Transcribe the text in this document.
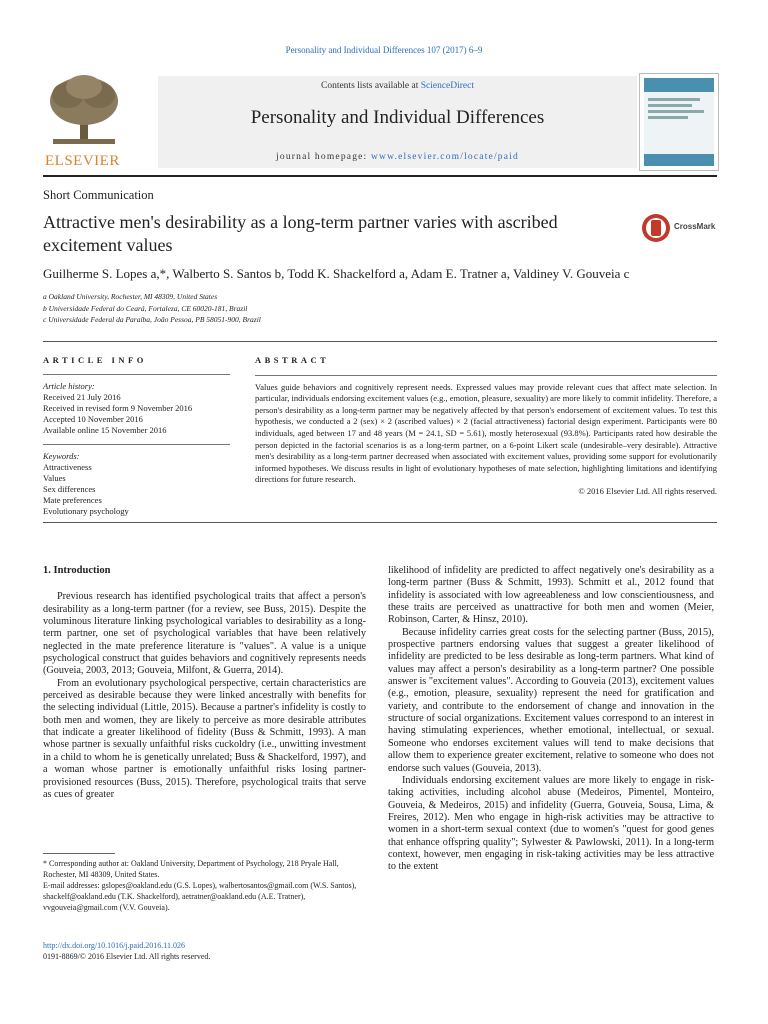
Personality and Individual Differences 107 (2017) 6–9
ELSEVIER
Contents lists available at ScienceDirect
Personality and Individual Differences
journal homepage: www.elsevier.com/locate/paid
Short Communication
Attractive men's desirability as a long-term partner varies with ascribed excitement values
CrossMark
Guilherme S. Lopes a,*, Walberto S. Santos b, Todd K. Shackelford a, Adam E. Tratner a, Valdiney V. Gouveia c
a Oakland University, Rochester, MI 48309, United States
b Universidade Federal do Ceará, Fortaleza, CE 60020-181, Brazil
c Universidade Federal da Paraíba, João Pessoa, PB 58051-900, Brazil
ARTICLE INFO
Article history:
Received 21 July 2016
Received in revised form 9 November 2016
Accepted 10 November 2016
Available online 15 November 2016
Keywords:
Attractiveness
Values
Sex differences
Mate preferences
Evolutionary psychology
ABSTRACT
Values guide behaviors and cognitively represent needs. Expressed values may provide relevant cues that affect mate selection. In particular, individuals endorsing excitement values (e.g., emotion, pleasure, sexuality) are more likely to commit infidelity. Therefore, a person's desirability as a long-term partner may be negatively affected by that person's endorsement of excitement values. To test this hypothesis, we conducted a 2 (sex) × 2 (ascribed values) × 2 (facial attractiveness) factorial design experiment. Participants were 80 individuals, aged between 17 and 48 years (M = 24.1, SD = 5.61), mostly heterosexual (93.8%). Participants rated how desirable the person depicted in the factorial scenarios is as a long-term partner, on a 6-point Likert scale (undesirable–very desirable). Attractive men's desirability as a long-term partner decreased when associated with excitement values, providing some support for evolutionarily informed hypotheses. We discuss results in light of evolutionary hypotheses of mate selection, highlighting limitations and identifying directions for future research.
© 2016 Elsevier Ltd. All rights reserved.
1. Introduction

Previous research has identified psychological traits that affect a person's desirability as a long-term partner (for a review, see Buss, 2015). Despite the voluminous literature linking psychological variables to desirability as a long-term partner, one set of psychological variables that have been relatively neglected in the mate preference literature is "values". A value is a unique psychological construct that guides behaviors and cognitively represents needs (Gouveia, 2003, 2013; Gouveia, Milfont, & Guerra, 2014).

From an evolutionary psychological perspective, certain characteristics are perceived as desirable because they were linked ancestrally with benefits for the selecting individual (Little, 2015). Because a partner's infidelity is costly to both men and women, they are likely to perceive as more desirable attributes that indicate a greater likelihood of fidelity (Buss & Schmitt, 1993). A man whose partner is sexually unfaithful risks cuckoldry (i.e., unwitting investment in a child to whom he is genetically unrelated; Buss & Shackelford, 1997), and a woman whose partner is emotionally unfaithful risks losing partner-provisioned resources (Buss, 2015). Therefore, psychological traits that serve as cues of greater

likelihood of infidelity are predicted to affect negatively one's desirability as a long-term partner (Buss & Schmitt, 1993). Schmitt et al., 2012 found that infidelity is associated with low agreeableness and low conscientiousness, and these traits are perceived as unattractive for both men and women (Meier, Robinson, Carter, & Hinsz, 2010).

Because infidelity carries great costs for the selecting partner (Buss, 2015), prospective partners endorsing values that suggest a greater likelihood of infidelity are predicted to be less desirable as long-term partners. What kind of values may affect a person's desirability as a long-term partner? One possible answer is "excitement values". According to Gouveia (2013), excitement values (e.g., emotion, pleasure, sexuality) represent the need for gratification and variety, and contribute to the endorsement of change and innovation in the structure of social organizations. Excitement values correspond to an interest in having stimulating experiences, whether emotional, intellectual, or sexual. Someone who endorses excitement values will tend to make decisions that allow them to experience greater excitement, relative to someone who does not endorse such values (Gouveia, 2013).

Individuals endorsing excitement values are more likely to engage in risk-taking activities, including alcohol abuse (Medeiros, Pimentel, Monteiro, Gouveia, & Medeiros, 2015) and infidelity (Guerra, Gouveia, Sousa, Lima, & Freires, 2012). Men who engage in high-risk activities may be attractive to women in a short-term sexual context (due to women's "quest for good genes that enhance offspring quality"; Sylwester & Pawlowski, 2011). In a long-term context, however, men engaging in risk-taking activities may be less attractive to the extent

* Corresponding author at: Oakland University, Department of Psychology, 218 Pryale Hall, Rochester, MI 48309, United States.
E-mail addresses: gslopes@oakland.edu (G.S. Lopes), walbertosantos@gmail.com (W.S. Santos), shackelf@oakland.edu (T.K. Shackelford), aetratner@oakland.edu (A.E. Tratner), vvgouveia@gmail.com (V.V. Gouveia).
http://dx.doi.org/10.1016/j.paid.2016.11.026
0191-8869/© 2016 Elsevier Ltd. All rights reserved.
